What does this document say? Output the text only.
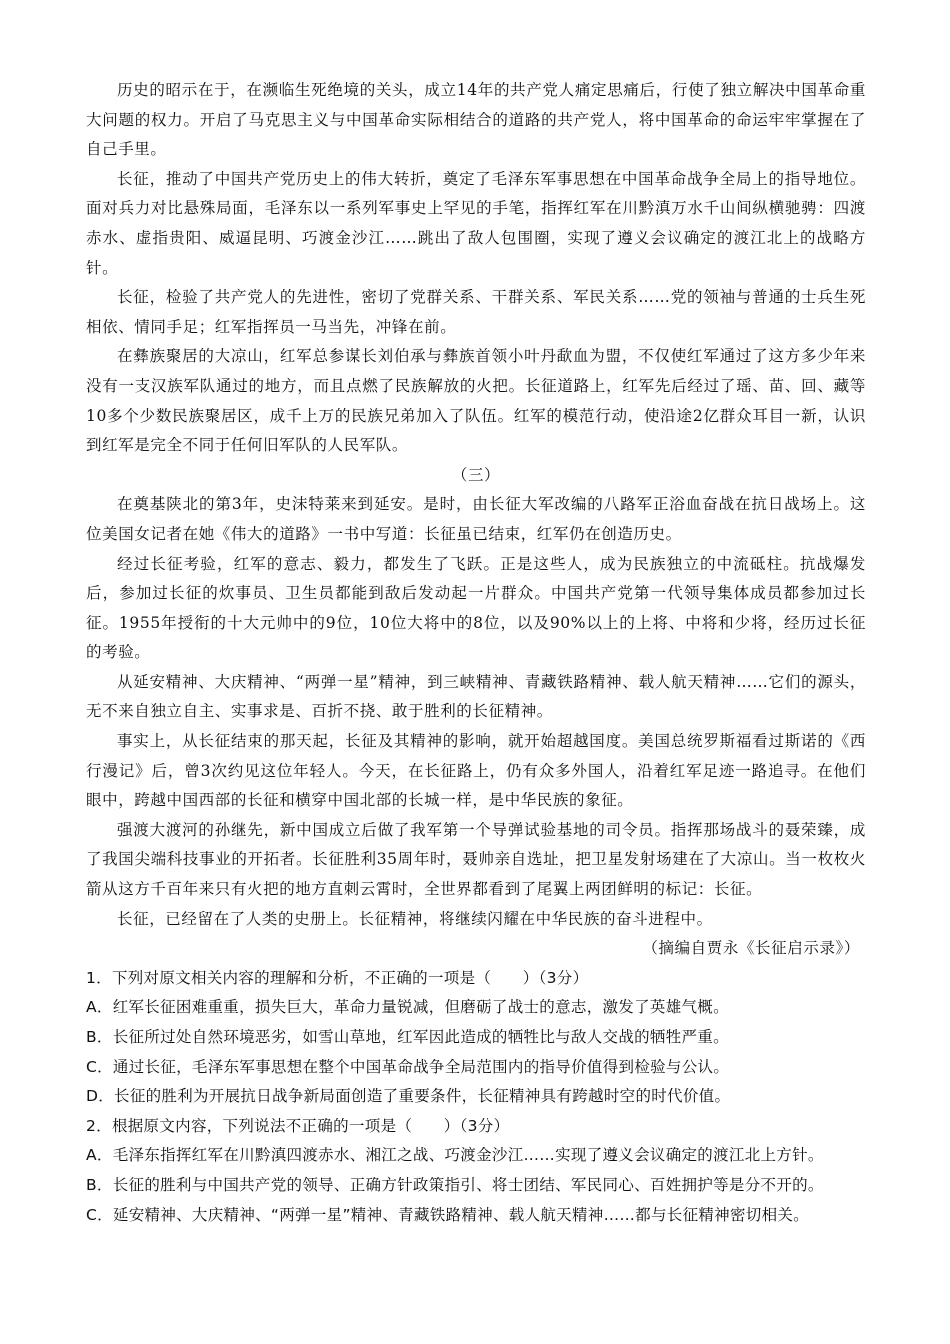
历史的昭示在于，在濒临生死绝境的关头，成立14年的共产党人痛定思痛后，行使了独立解决中国革命重大问题的权力。开启了马克思主义与中国革命实际相结合的道路的共产党人，将中国革命的命运牢牢掌握在了自己手里。

长征，推动了中国共产党历史上的伟大转折，奠定了毛泽东军事思想在中国革命战争全局上的指导地位。面对兵力对比悬殊局面，毛泽东以一系列军事史上罕见的手笔，指挥红军在川黔滇万水千山间纵横驰骋：四渡赤水、虚指贵阳、威逼昆明、巧渡金沙江……跳出了敌人包围圈，实现了遵义会议确定的渡江北上的战略方针。

长征，检验了共产党人的先进性，密切了党群关系、干群关系、军民关系……党的领袖与普通的士兵生死相依、情同手足；红军指挥员一马当先，冲锋在前。

在彝族聚居的大凉山，红军总参谋长刘伯承与彝族首领小叶丹歃血为盟，不仅使红军通过了这方多少年来没有一支汉族军队通过的地方，而且点燃了民族解放的火把。长征道路上，红军先后经过了瑶、苗、回、藏等10多个少数民族聚居区，成千上万的民族兄弟加入了队伍。红军的模范行动，使沿途2亿群众耳目一新，认识到红军是完全不同于任何旧军队的人民军队。

（三）

在奠基陕北的第3年，史沫特莱来到延安。是时，由长征大军改编的八路军正浴血奋战在抗日战场上。这位美国女记者在她《伟大的道路》一书中写道：长征虽已结束，红军仍在创造历史。

经过长征考验，红军的意志、毅力，都发生了飞跃。正是这些人，成为民族独立的中流砥柱。抗战爆发后，参加过长征的炊事员、卫生员都能到敌后发动起一片群众。中国共产党第一代领导集体成员都参加过长征。1955年授衔的十大元帅中的9位，10位大将中的8位，以及90%以上的上将、中将和少将，经历过长征的考验。

从延安精神、大庆精神、“两弹一星”精神，到三峡精神、青藏铁路精神、载人航天精神……它们的源头，无不来自独立自主、实事求是、百折不挠、敢于胜利的长征精神。

事实上，从长征结束的那天起，长征及其精神的影响，就开始超越国度。美国总统罗斯福看过斯诺的《西行漫记》后，曾3次约见这位年轻人。今天，在长征路上，仍有众多外国人，沿着红军足迹一路追寻。在他们眼中，跨越中国西部的长征和横穿中国北部的长城一样，是中华民族的象征。

强渡大渡河的孙继先，新中国成立后做了我军第一个导弹试验基地的司令员。指挥那场战斗的聂荣臻，成了我国尖端科技事业的开拓者。长征胜利35周年时，聂帅亲自选址，把卫星发射场建在了大凉山。当一枚枚火箭从这方千百年来只有火把的地方直刺云霄时，全世界都看到了尾翼上两团鲜明的标记：长征。

长征，已经留在了人类的史册上。长征精神，将继续闪耀在中华民族的奋斗进程中。

（摘编自贾永《长征启示录》）

1．下列对原文相关内容的理解和分析，不正确的一项是（　　）（3分）

A．红军长征困难重重，损失巨大，革命力量锐减，但磨砺了战士的意志，激发了英雄气概。

B．长征所过处自然环境恶劣，如雪山草地，红军因此造成的牺牲比与敌人交战的牺牲严重。

C．通过长征，毛泽东军事思想在整个中国革命战争全局范围内的指导价值得到检验与公认。

D．长征的胜利为开展抗日战争新局面创造了重要条件，长征精神具有跨越时空的时代价值。

2．根据原文内容，下列说法不正确的一项是（　　）（3分）

A．毛泽东指挥红军在川黔滇四渡赤水、湘江之战、巧渡金沙江……实现了遵义会议确定的渡江北上方针。

B．长征的胜利与中国共产党的领导、正确方针政策指引、将士团结、军民同心、百姓拥护等是分不开的。

C．延安精神、大庆精神、“两弹一星”精神、青藏铁路精神、载人航天精神……都与长征精神密切相关。
